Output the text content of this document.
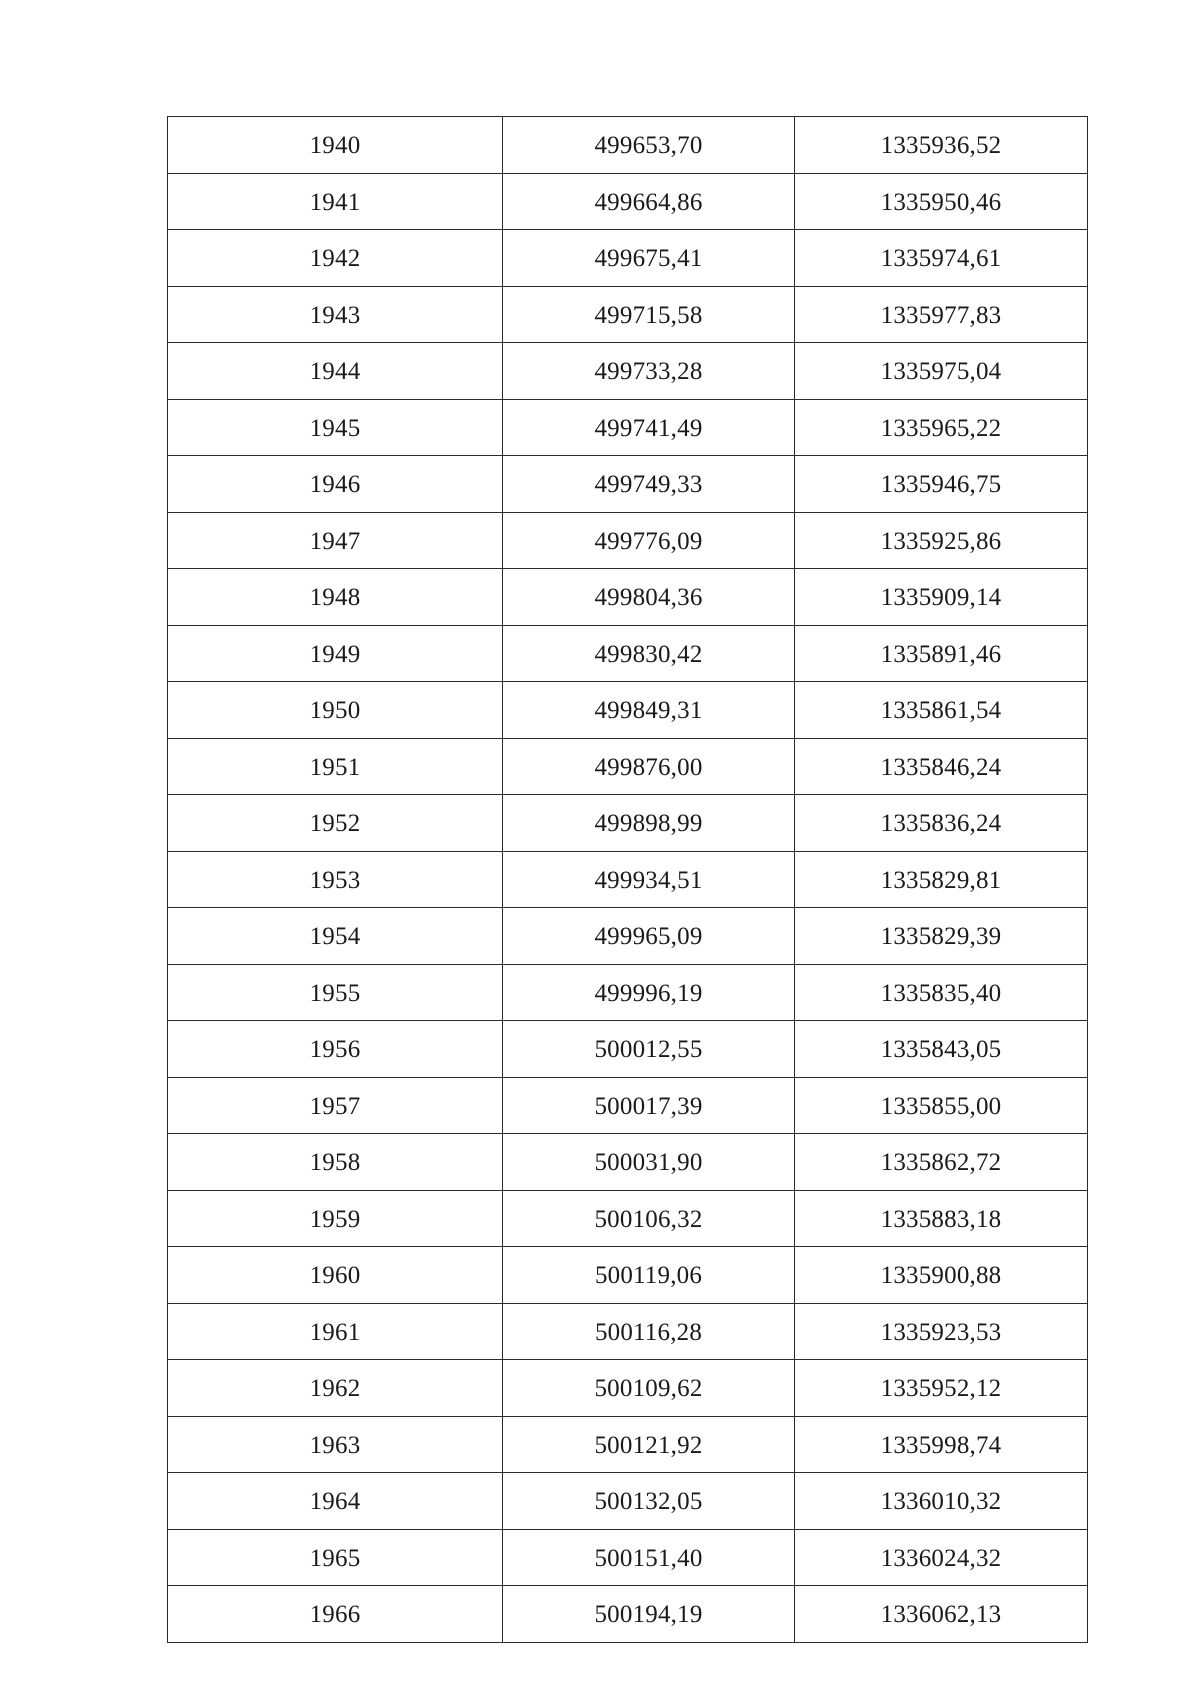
1940	499653,70	1335936,52
1941	499664,86	1335950,46
1942	499675,41	1335974,61
1943	499715,58	1335977,83
1944	499733,28	1335975,04
1945	499741,49	1335965,22
1946	499749,33	1335946,75
1947	499776,09	1335925,86
1948	499804,36	1335909,14
1949	499830,42	1335891,46
1950	499849,31	1335861,54
1951	499876,00	1335846,24
1952	499898,99	1335836,24
1953	499934,51	1335829,81
1954	499965,09	1335829,39
1955	499996,19	1335835,40
1956	500012,55	1335843,05
1957	500017,39	1335855,00
1958	500031,90	1335862,72
1959	500106,32	1335883,18
1960	500119,06	1335900,88
1961	500116,28	1335923,53
1962	500109,62	1335952,12
1963	500121,92	1335998,74
1964	500132,05	1336010,32
1965	500151,40	1336024,32
1966	500194,19	1336062,13
